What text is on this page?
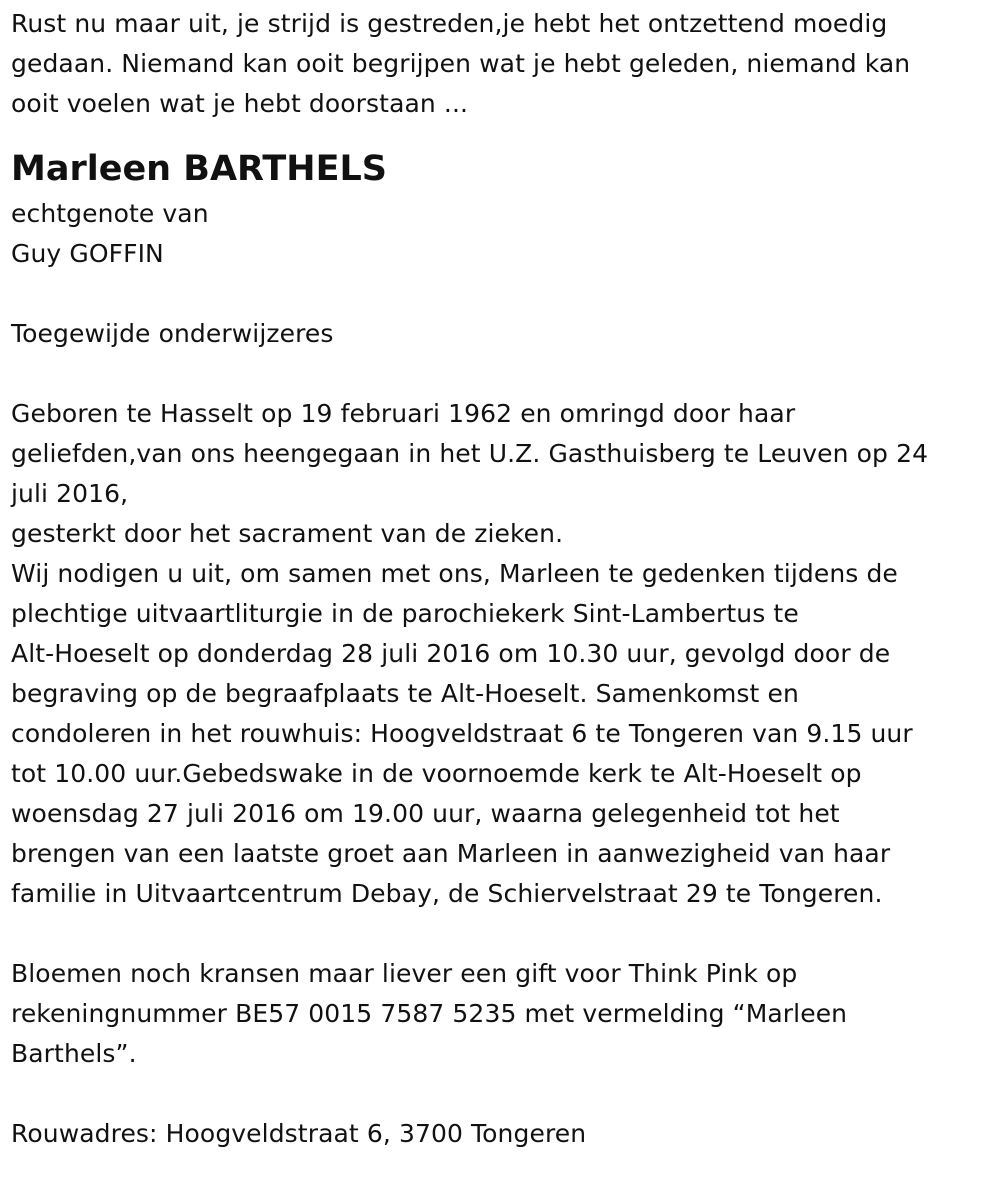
Rust nu maar uit, je strijd is gestreden,je hebt het ontzettend moedig
gedaan. Niemand kan ooit begrijpen wat je hebt geleden, niemand kan
ooit voelen wat je hebt doorstaan ...
Marleen BARTHELS
echtgenote van
Guy GOFFIN
Toegewijde onderwijzeres
Geboren te Hasselt op 19 februari 1962 en omringd door haar
geliefden,van ons heengegaan in het U.Z. Gasthuisberg te Leuven op 24
juli 2016,
gesterkt door het sacrament van de zieken.
Wij nodigen u uit, om samen met ons, Marleen te gedenken tijdens de
plechtige uitvaartliturgie in de parochiekerk Sint-Lambertus te
Alt-Hoeselt op donderdag 28 juli 2016 om 10.30 uur, gevolgd door de
begraving op de begraafplaats te Alt-Hoeselt. Samenkomst en
condoleren in het rouwhuis: Hoogveldstraat 6 te Tongeren van 9.15 uur
tot 10.00 uur.Gebedswake in de voornoemde kerk te Alt-Hoeselt op
woensdag 27 juli 2016 om 19.00 uur, waarna gelegenheid tot het
brengen van een laatste groet aan Marleen in aanwezigheid van haar
familie in Uitvaartcentrum Debay, de Schiervelstraat 29 te Tongeren.
Bloemen noch kransen maar liever een gift voor Think Pink op
rekeningnummer BE57 0015 7587 5235 met vermelding “Marleen
Barthels”.
Rouwadres: Hoogveldstraat 6, 3700 Tongeren
